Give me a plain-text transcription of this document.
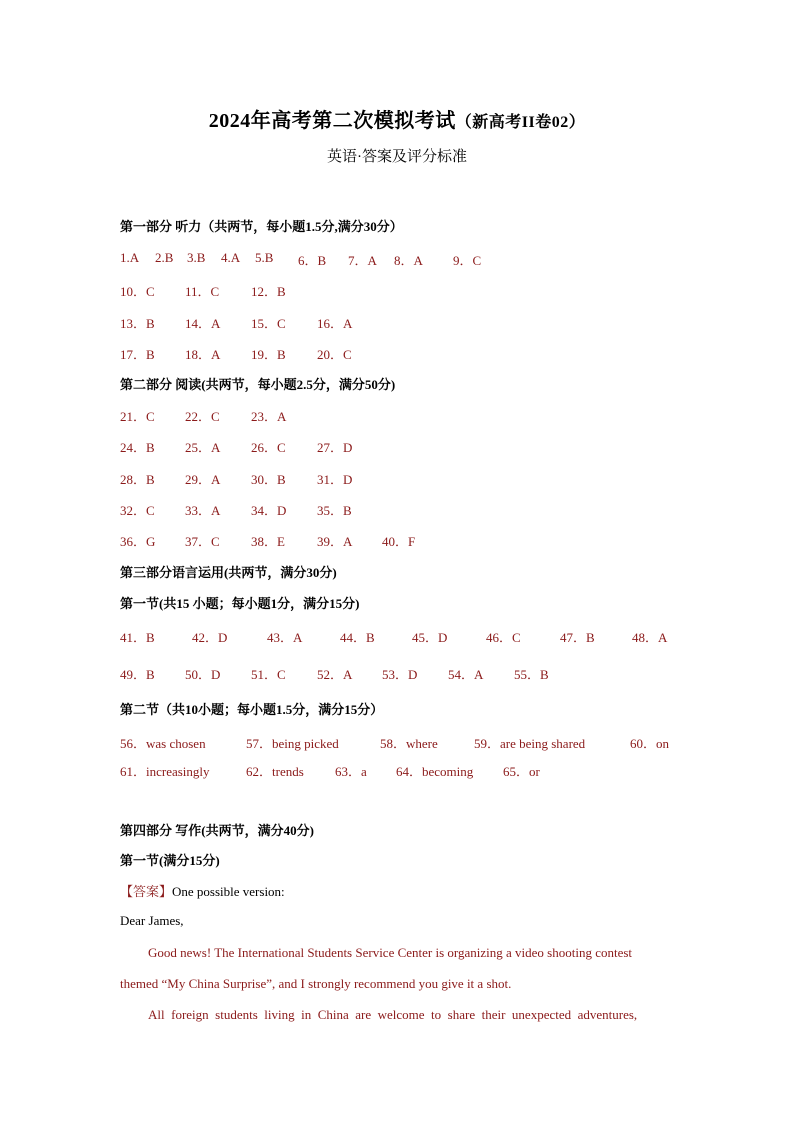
2024年高考第二次模拟考试（新高考II卷02）
英语·答案及评分标准
第一部分 听力（共两节，每小题1.5分,满分30分）
1.A 2.B 3.B 4.A 5.B 6．B 7．A 8．A 9．C
10．C 11．C 12．B
13．B 14．A 15．C 16．A
17．B 18．A 19．B 20．C
第二部分 阅读(共两节，每小题2.5分，满分50分)
21．C 22．C 23．A
24．B 25．A 26．C 27．D
28．B 29．A 30．B 31．D
32．C 33．A 34．D 35．B
36．G 37．C 38．E 39．A 40．F
第三部分语言运用(共两节，满分30分)
第一节(共15 小题；每小题1分，满分15分)
41．B	42．D	43．A	44．B	45．D	46．C	47．B	48．A
49．B 50．D 51．C 52．A 53．D 54．A 55．B
第二节（共10小题；每小题1.5分，满分15分）
56．was chosen	57．being picked	58．where	59．are being shared	60．on
61．increasingly	62．trends 63．a 64．becoming 65．or
第四部分 写作(共两节，满分40分)
第一节(满分15分)
【答案】One possible version:
Dear James,
Good news! The International Students Service Center is organizing a video shooting contest
themed “My China Surprise”, and I strongly recommend you give it a shot.
All  foreign  students  living  in  China  are  welcome  to  share  their  unexpected  adventures,
